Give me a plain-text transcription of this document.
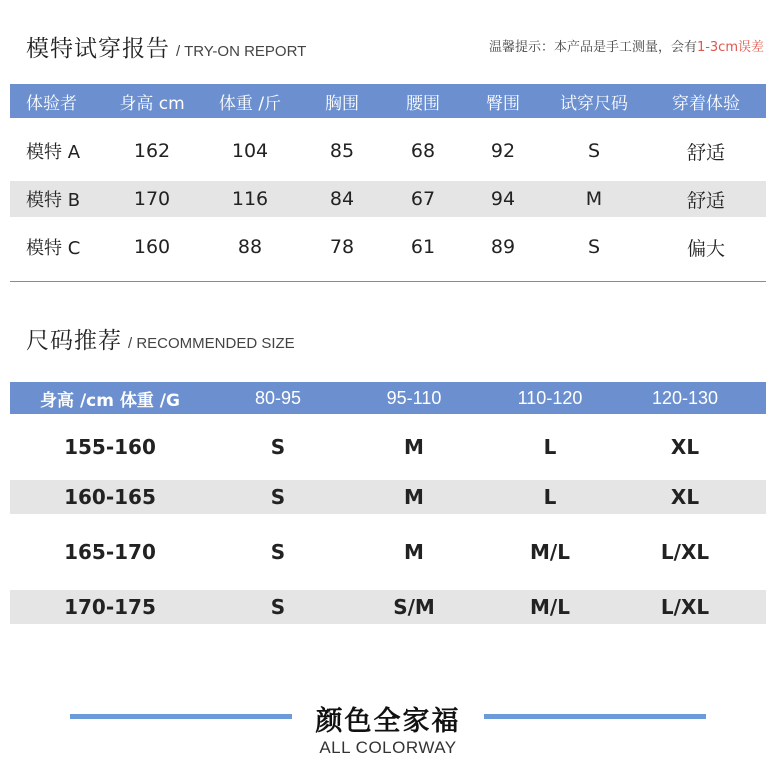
模特试穿报告 / TRY-ON REPORT	温馨提示：本产品是手工测量，会有1-3cm误差
体验者	身高 cm	体重 /斤	胸围	腰围	臀围	试穿尺码	穿着体验
模特 A	162	104	85	68	92	S	舒适
模特 B	170	116	84	67	94	M	舒适
模特 C	160	88	78	61	89	S	偏大
尺码推荐 / RECOMMENDED SIZE
身高 /cm 体重 /G	80-95	95-110	110-120	120-130
155-160	S	M	L	XL
160-165	S	M	L	XL
165-170	S	M	M/L	L/XL
170-175	S	S/M	M/L	L/XL
颜色全家福
ALL COLORWAY
